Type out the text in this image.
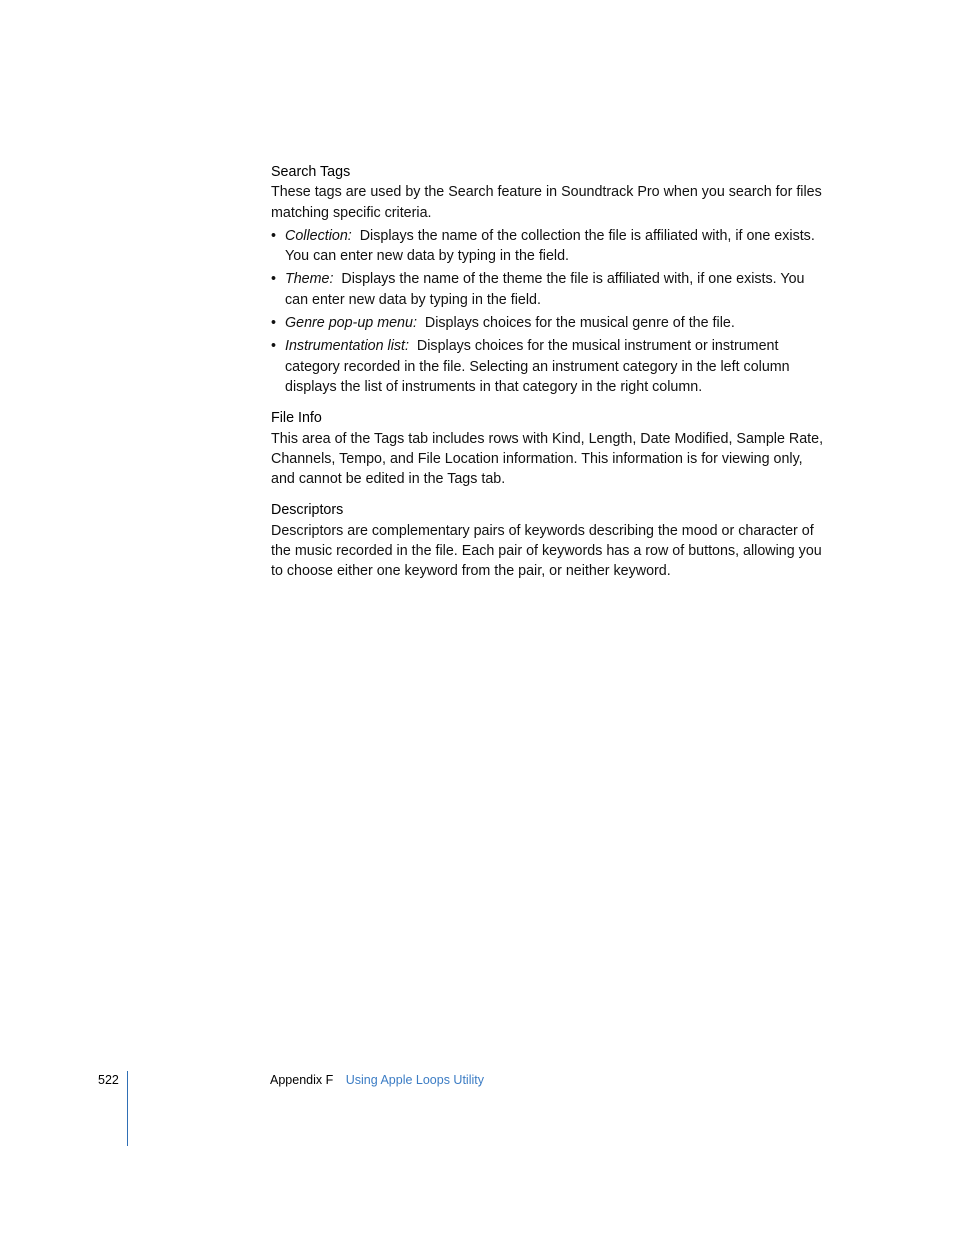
Search Tags
These tags are used by the Search feature in Soundtrack Pro when you search for files matching specific criteria.
• Collection: Displays the name of the collection the file is affiliated with, if one exists. You can enter new data by typing in the field.
• Theme: Displays the name of the theme the file is affiliated with, if one exists. You can enter new data by typing in the field.
• Genre pop-up menu: Displays choices for the musical genre of the file.
• Instrumentation list: Displays choices for the musical instrument or instrument category recorded in the file. Selecting an instrument category in the left column displays the list of instruments in that category in the right column.
File Info
This area of the Tags tab includes rows with Kind, Length, Date Modified, Sample Rate, Channels, Tempo, and File Location information. This information is for viewing only, and cannot be edited in the Tags tab.
Descriptors
Descriptors are complementary pairs of keywords describing the mood or character of the music recorded in the file. Each pair of keywords has a row of buttons, allowing you to choose either one keyword from the pair, or neither keyword.
522	Appendix F Using Apple Loops Utility
